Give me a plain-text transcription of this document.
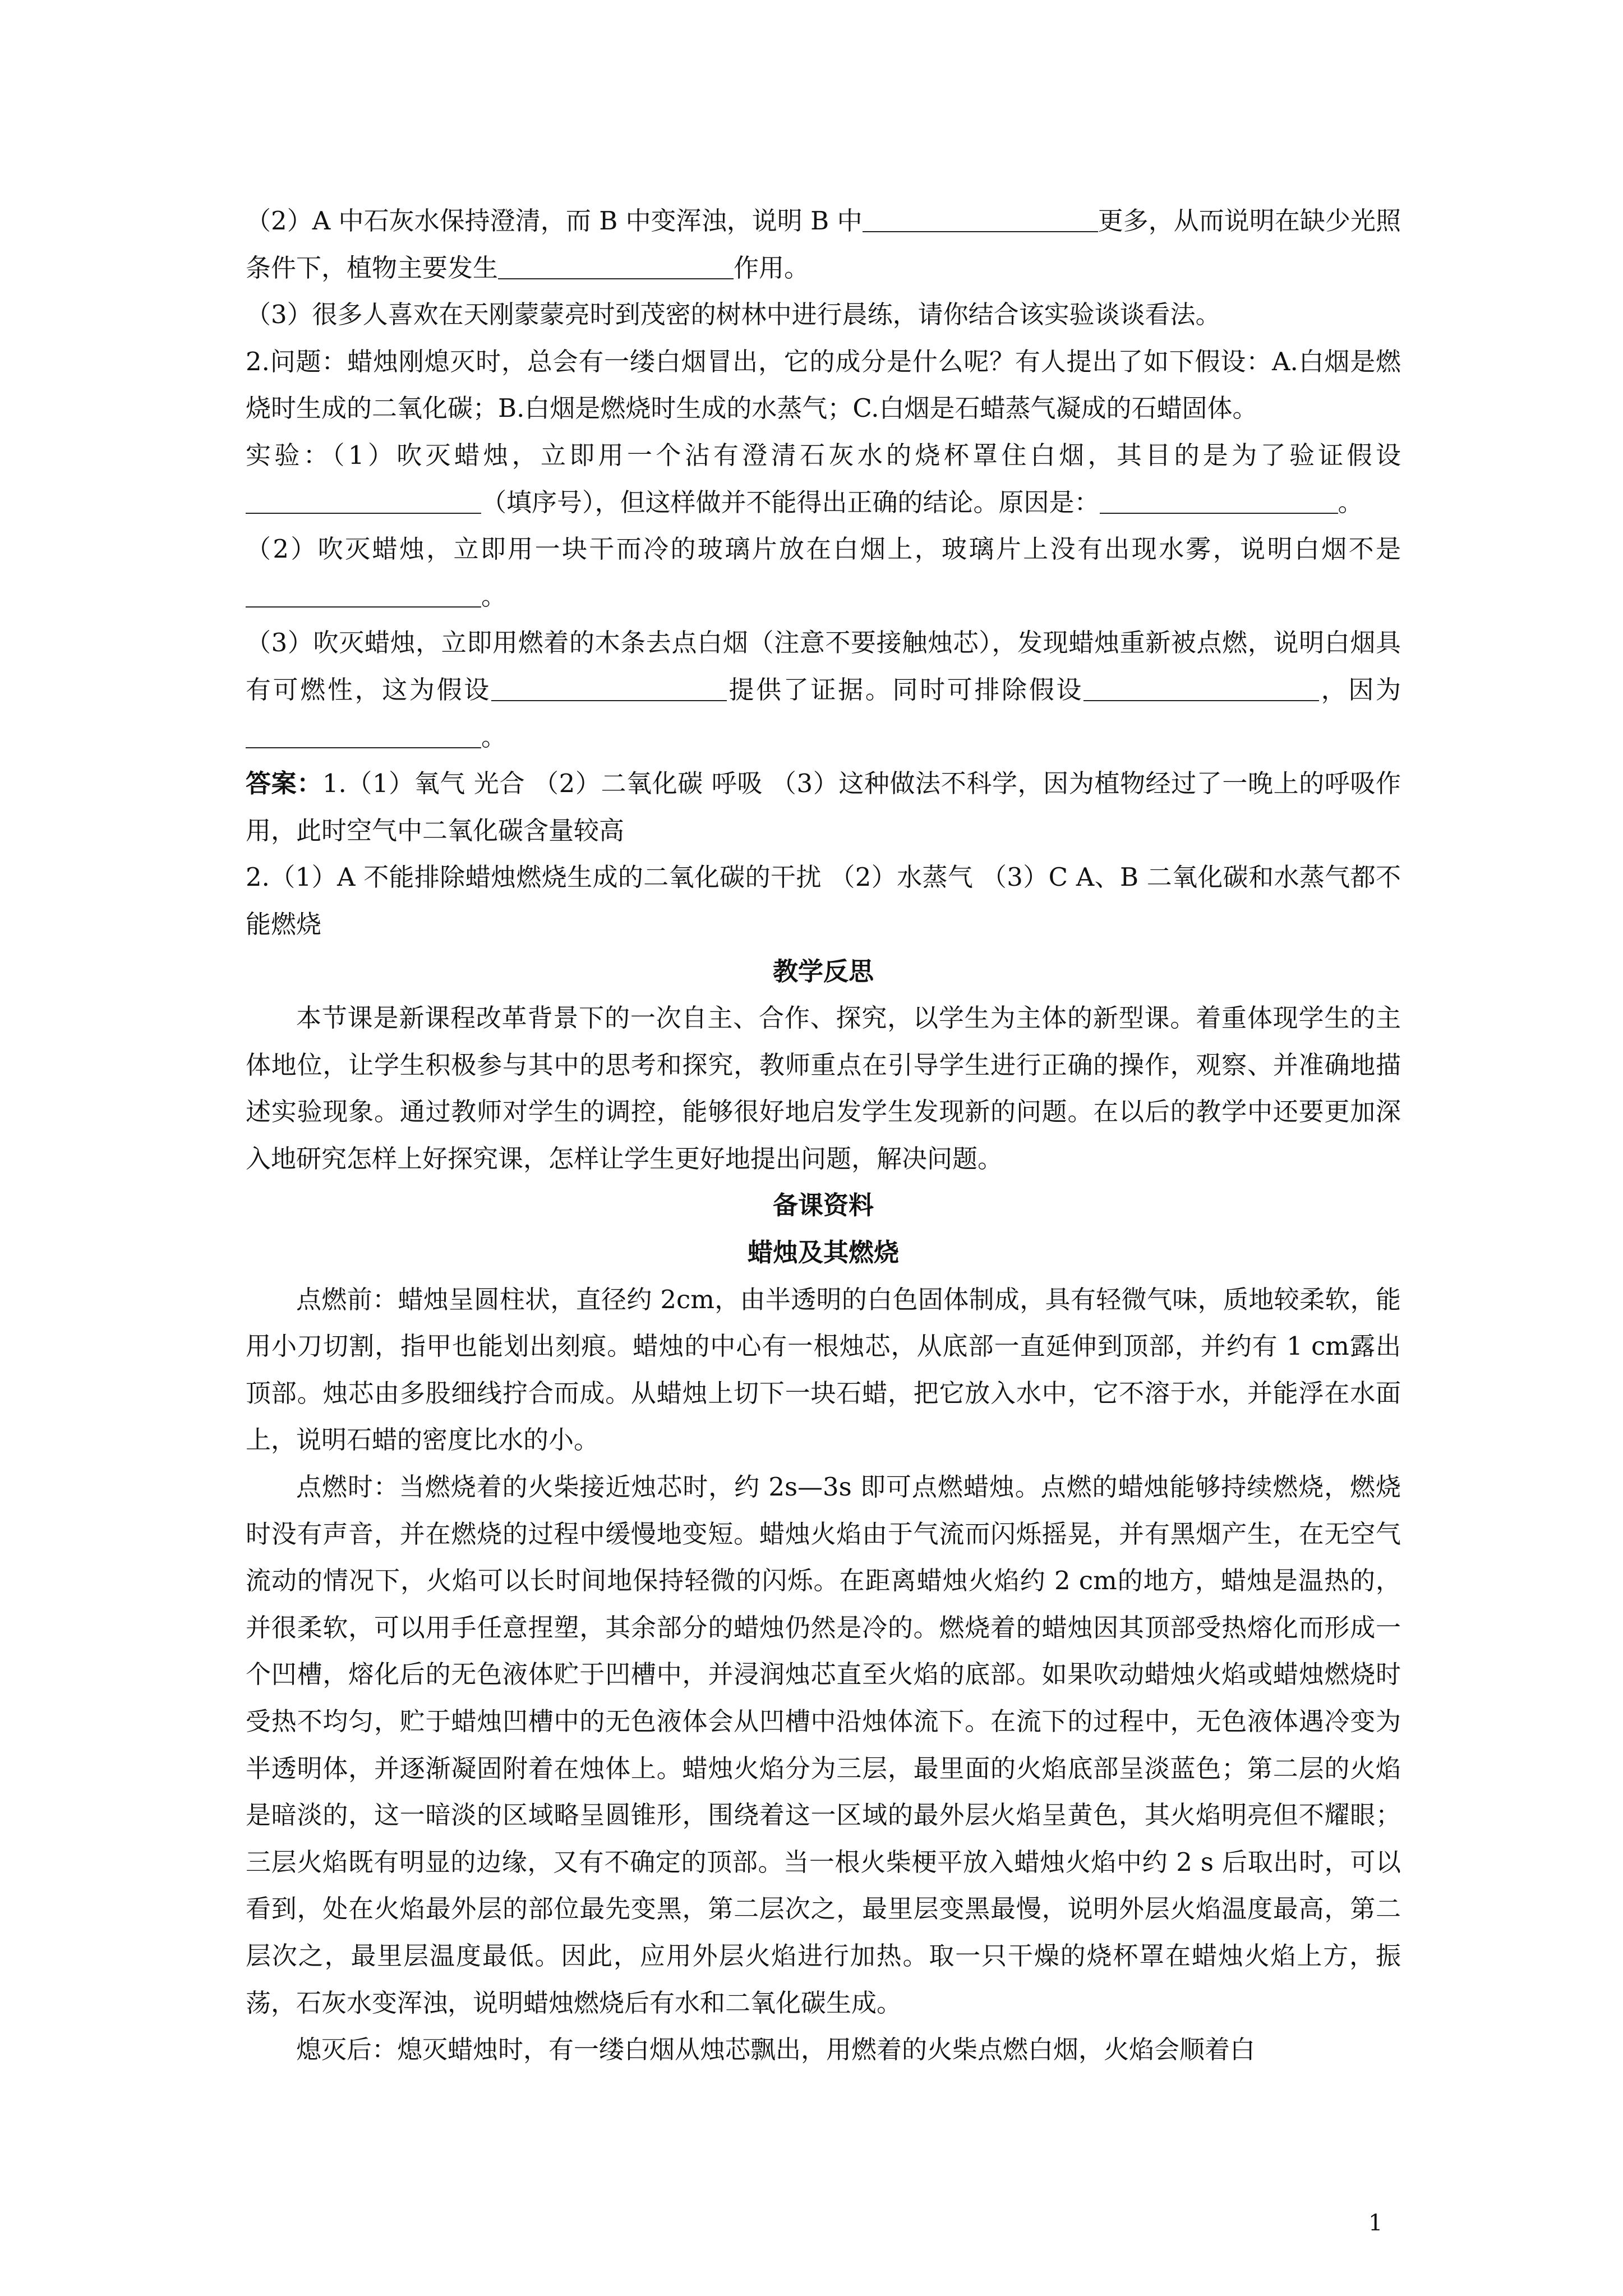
（2）A 中石灰水保持澄清，而 B 中变浑浊，说明 B 中	更多，从而说明在缺少光照条件下，植物主要发生	作用。

（3）很多人喜欢在天刚蒙蒙亮时到茂密的树林中进行晨练，请你结合该实验谈谈看法。

2.问题：蜡烛刚熄灭时，总会有一缕白烟冒出，它的成分是什么呢？有人提出了如下假设：A.白烟是燃烧时生成的二氧化碳；B.白烟是燃烧时生成的水蒸气；C.白烟是石蜡蒸气凝成的石蜡固体。

实验：（1）吹灭蜡烛，立即用一个沾有澄清石灰水的烧杯罩住白烟，其目的是为了验证假设（填序号），但这样做并不能得出正确的结论。原因是：	。

（2）吹灭蜡烛，立即用一块干而冷的玻璃片放在白烟上，玻璃片上没有出现水雾，说明白烟不是。

（3）吹灭蜡烛，立即用燃着的木条去点白烟（注意不要接触烛芯），发现蜡烛重新被点燃，说明白烟具有可燃性，这为假设	提供了证据。同时可排除假设	，因为。

答案：1.（1）氧气 光合 （2）二氧化碳 呼吸 （3）这种做法不科学，因为植物经过了一晚上的呼吸作用，此时空气中二氧化碳含量较高

2.（1）A 不能排除蜡烛燃烧生成的二氧化碳的干扰 （2）水蒸气 （3）C A、B 二氧化碳和水蒸气都不能燃烧

教学反思

本节课是新课程改革背景下的一次自主、合作、探究，以学生为主体的新型课。着重体现学生的主体地位，让学生积极参与其中的思考和探究，教师重点在引导学生进行正确的操作，观察、并准确地描述实验现象。通过教师对学生的调控，能够很好地启发学生发现新的问题。在以后的教学中还要更加深入地研究怎样上好探究课，怎样让学生更好地提出问题，解决问题。

备课资料

蜡烛及其燃烧

点燃前：蜡烛呈圆柱状，直径约 2cm，由半透明的白色固体制成，具有轻微气味，质地较柔软，能用小刀切割，指甲也能划出刻痕。蜡烛的中心有一根烛芯，从底部一直延伸到顶部，并约有 1 cm露出顶部。烛芯由多股细线拧合而成。从蜡烛上切下一块石蜡，把它放入水中，它不溶于水，并能浮在水面上，说明石蜡的密度比水的小。

点燃时：当燃烧着的火柴接近烛芯时，约 2s—3s 即可点燃蜡烛。点燃的蜡烛能够持续燃烧，燃烧时没有声音，并在燃烧的过程中缓慢地变短。蜡烛火焰由于气流而闪烁摇晃，并有黑烟产生，在无空气流动的情况下，火焰可以长时间地保持轻微的闪烁。在距离蜡烛火焰约 2 cm的地方，蜡烛是温热的，并很柔软，可以用手任意捏塑，其余部分的蜡烛仍然是冷的。燃烧着的蜡烛因其顶部受热熔化而形成一个凹槽，熔化后的无色液体贮于凹槽中，并浸润烛芯直至火焰的底部。如果吹动蜡烛火焰或蜡烛燃烧时受热不均匀，贮于蜡烛凹槽中的无色液体会从凹槽中沿烛体流下。在流下的过程中，无色液体遇冷变为半透明体，并逐渐凝固附着在烛体上。蜡烛火焰分为三层，最里面的火焰底部呈淡蓝色；第二层的火焰是暗淡的，这一暗淡的区域略呈圆锥形，围绕着这一区域的最外层火焰呈黄色，其火焰明亮但不耀眼；三层火焰既有明显的边缘，又有不确定的顶部。当一根火柴梗平放入蜡烛火焰中约 2 s 后取出时，可以看到，处在火焰最外层的部位最先变黑，第二层次之，最里层变黑最慢，说明外层火焰温度最高，第二层次之，最里层温度最低。因此，应用外层火焰进行加热。取一只干燥的烧杯罩在蜡烛火焰上方，振荡，石灰水变浑浊，说明蜡烛燃烧后有水和二氧化碳生成。

熄灭后：熄灭蜡烛时，有一缕白烟从烛芯飘出，用燃着的火柴点燃白烟，火焰会顺着白

1
